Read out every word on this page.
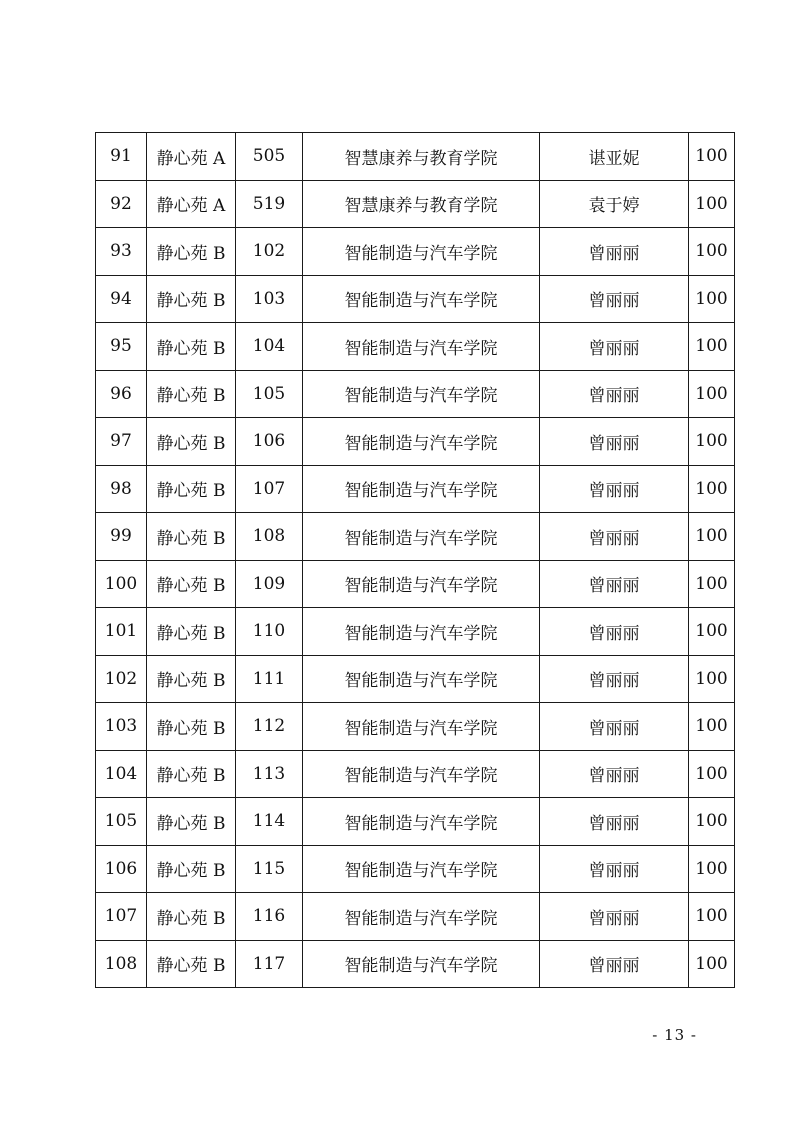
91	静心苑 A	505	智慧康养与教育学院	谌亚妮	100
92	静心苑 A	519	智慧康养与教育学院	袁于婷	100
93	静心苑 B	102	智能制造与汽车学院	曾丽丽	100
94	静心苑 B	103	智能制造与汽车学院	曾丽丽	100
95	静心苑 B	104	智能制造与汽车学院	曾丽丽	100
96	静心苑 B	105	智能制造与汽车学院	曾丽丽	100
97	静心苑 B	106	智能制造与汽车学院	曾丽丽	100
98	静心苑 B	107	智能制造与汽车学院	曾丽丽	100
99	静心苑 B	108	智能制造与汽车学院	曾丽丽	100
100	静心苑 B	109	智能制造与汽车学院	曾丽丽	100
101	静心苑 B	110	智能制造与汽车学院	曾丽丽	100
102	静心苑 B	111	智能制造与汽车学院	曾丽丽	100
103	静心苑 B	112	智能制造与汽车学院	曾丽丽	100
104	静心苑 B	113	智能制造与汽车学院	曾丽丽	100
105	静心苑 B	114	智能制造与汽车学院	曾丽丽	100
106	静心苑 B	115	智能制造与汽车学院	曾丽丽	100
107	静心苑 B	116	智能制造与汽车学院	曾丽丽	100
108	静心苑 B	117	智能制造与汽车学院	曾丽丽	100
- 13 -
